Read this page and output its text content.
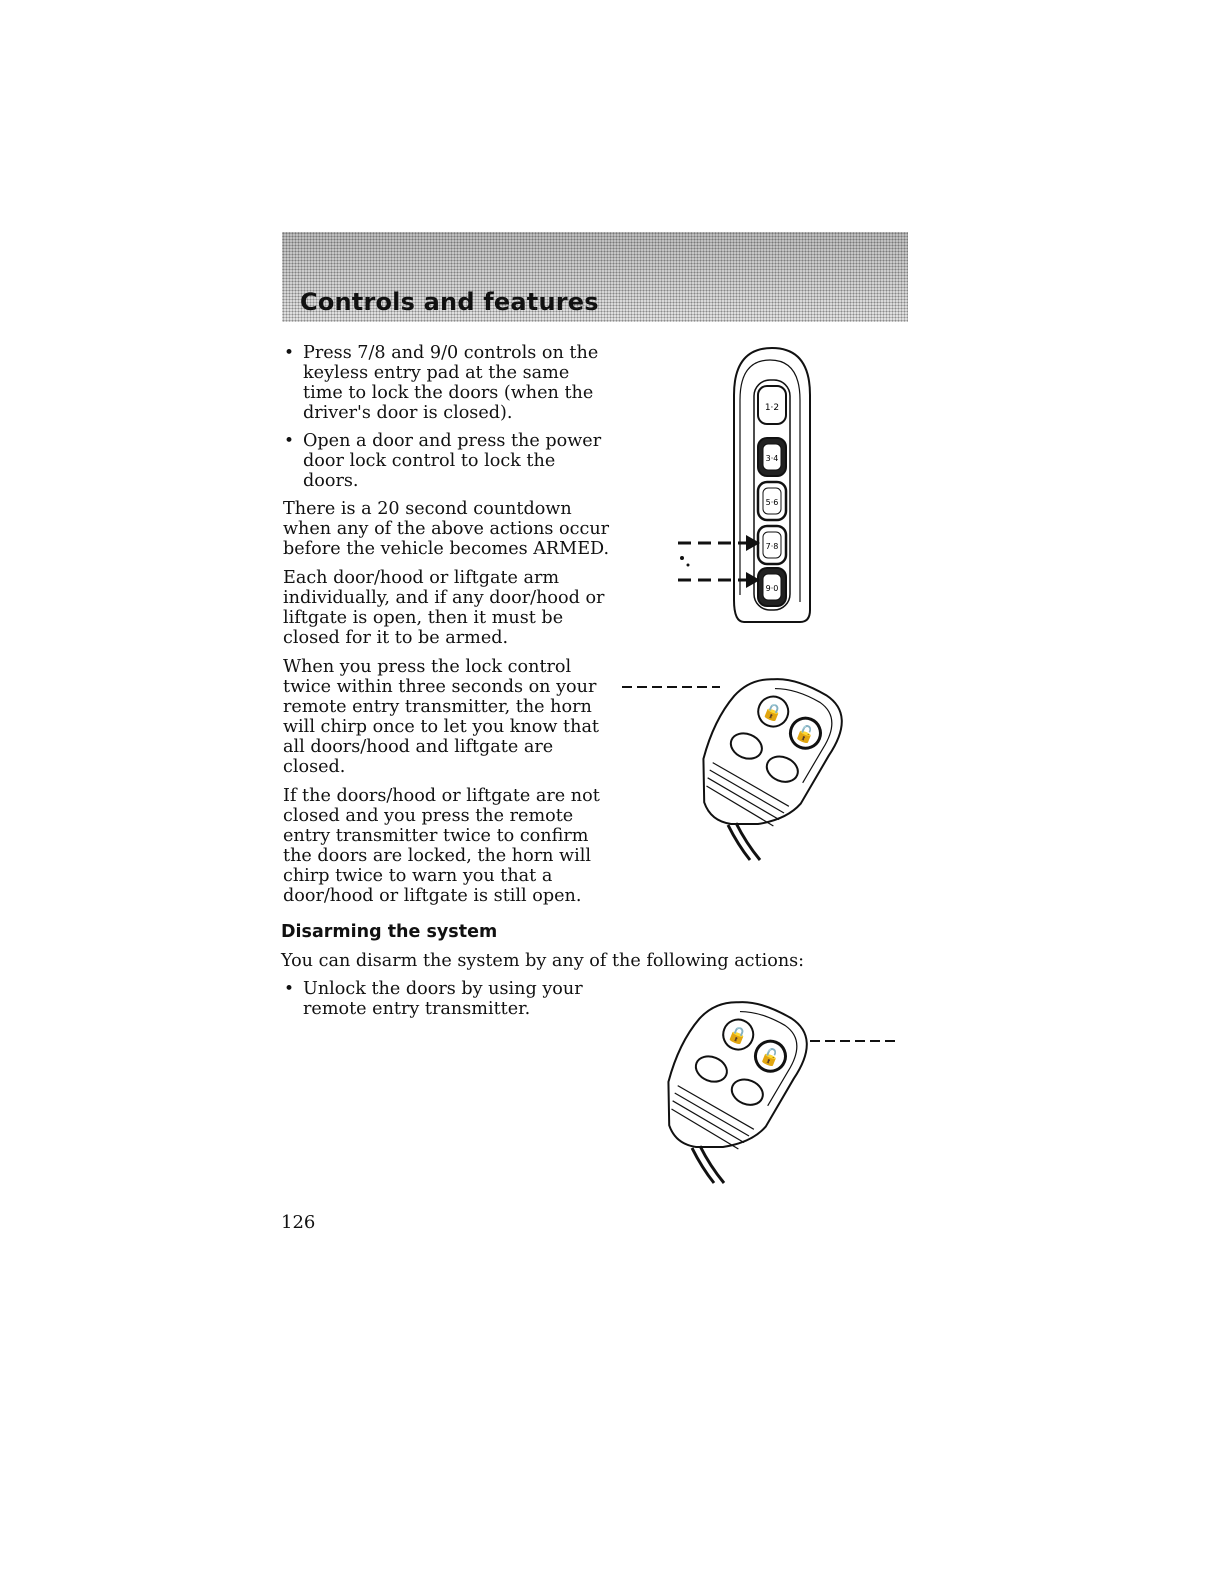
Controls and features
• Press 7/8 and 9/0 controls on the keyless entry pad at the same time to lock the doors (when the driver's door is closed).
• Open a door and press the power door lock control to lock the doors.

There is a 20 second countdown when any of the above actions occur before the vehicle becomes ARMED.

Each door/hood or liftgate arm individually, and if any door/hood or liftgate is open, then it must be closed for it to be armed.

When you press the lock control twice within three seconds on your remote entry transmitter, the horn will chirp once to let you know that all doors/hood and liftgate are closed.

If the doors/hood or liftgate are not closed and you press the remote entry transmitter twice to confirm the doors are locked, the horn will chirp twice to warn you that a door/hood or liftgate is still open.

Disarming the system
You can disarm the system by any of the following actions:
• Unlock the doors by using your remote entry transmitter.
1·2
3·4
5·6
7·8
9·0
🔒
🔓
🔒
🔓
126
